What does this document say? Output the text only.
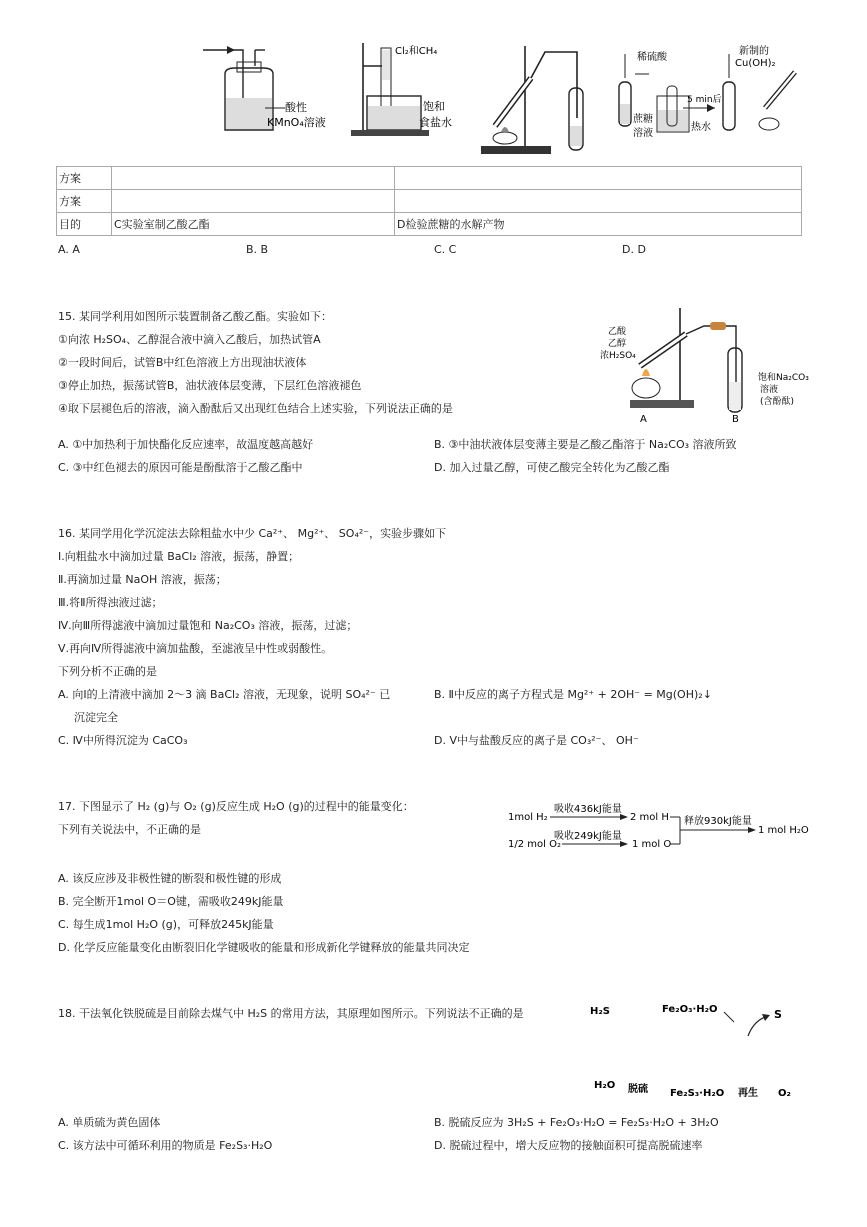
酸性
KMnO₄溶液
Cl₂和CH₄
饱和
食盐水
稀硫酸
蔗糖
溶液
5 min后
热水
新制的
Cu(OH)₂
方案		
方案		
目的	C实验室制乙酸乙酯	D检验蔗糖的水解产物
A. A	B. B	C. C	D. D
15. 某同学利用如图所示装置制备乙酸乙酯。实验如下：
①向浓 H₂SO₄、乙醇混合液中滴入乙酸后，加热试管A
②一段时间后，试管B中红色溶液上方出现油状液体
③停止加热，振荡试管B，油状液体层变薄，下层红色溶液褪色
④取下层褪色后的溶液，滴入酚酞后又出现红色结合上述实验，下列说法正确的是
乙酸
乙醇
浓H₂SO₄
饱和Na₂CO₃
溶液
(含酚酞)
A	B
A. ①中加热利于加快酯化反应速率，故温度越高越好	B. ③中油状液体层变薄主要是乙酸乙酯溶于 Na₂CO₃ 溶液所致
C. ③中红色褪去的原因可能是酚酞溶于乙酸乙酯中	D. 加入过量乙醇，可使乙酸完全转化为乙酸乙酯
16. 某同学用化学沉淀法去除粗盐水中少 Ca²⁺、 Mg²⁺、 SO₄²⁻，实验步骤如下
Ⅰ.向粗盐水中滴加过量 BaCl₂ 溶液，振荡，静置；
Ⅱ.再滴加过量 NaOH 溶液，振荡；
Ⅲ.将Ⅱ所得浊液过滤；
Ⅳ.向Ⅲ所得滤液中滴加过量饱和 Na₂CO₃ 溶液，振荡，过滤；
Ⅴ.再向Ⅳ所得滤液中滴加盐酸，至滤液呈中性或弱酸性。
下列分析不正确的是
A. 向Ⅰ的上清液中滴加 2～3 滴 BaCl₂ 溶液，无现象，说明 SO₄²⁻ 已
沉淀完全
B. Ⅱ中反应的离子方程式是 Mg²⁺ + 2OH⁻ = Mg(OH)₂↓
C. Ⅳ中所得沉淀为 CaCO₃	D. Ⅴ中与盐酸反应的离子是 CO₃²⁻、 OH⁻
17. 下图显示了 H₂ (g)与 O₂ (g)反应生成 H₂O (g)的过程中的能量变化：
下列有关说法中，不正确的是
1mol H₂
吸收436kJ能量
2 mol H 释放930kJ能量
1 mol H₂O
1/2 mol O₂
吸收249kJ能量
1 mol O
A. 该反应涉及非极性键的断裂和极性键的形成
B. 完全断开1mol O＝O键，需吸收249kJ能量
C. 每生成1mol H₂O (g)，可释放245kJ能量
D. 化学反应能量变化由断裂旧化学键吸收的能量和形成新化学键释放的能量共同决定
18. 干法氧化铁脱硫是目前除去煤气中 H₂S 的常用方法，其原理如图所示。下列说法不正确的是	H₂S	Fe₂O₃·H₂O	S
H₂O 脱硫 Fe₂S₃·H₂O 再生 O₂
A. 单质硫为黄色固体	B. 脱硫反应为 3H₂S + Fe₂O₃·H₂O = Fe₂S₃·H₂O + 3H₂O
C. 该方法中可循环利用的物质是 Fe₂S₃·H₂O	D. 脱硫过程中，增大反应物的接触面积可提高脱硫速率
